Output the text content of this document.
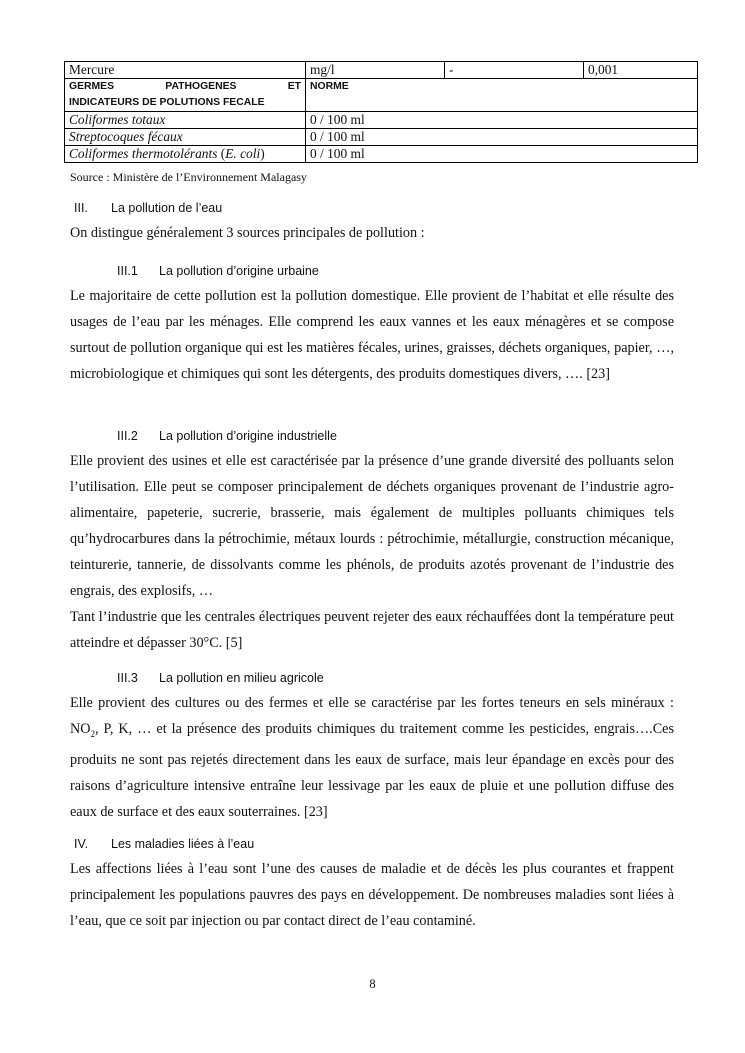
Mercure	mg/l	-	0,001

GERMES PATHOGENES ET
INDICATEURS DE POLUTIONS FECALE	NORME		
Coliformes totaux	0 / 100 ml		
Streptocoques fécaux	0 / 100 ml		
Coliformes thermotolérants (E. coli)	0 / 100 ml		
Source : Ministère de l’Environnement Malagasy
III. La pollution de l’eau
On distingue généralement 3 sources principales de pollution :
III.1 La pollution d’origine urbaine
Le majoritaire de cette pollution est la pollution domestique. Elle provient de l’habitat et elle résulte des usages de l’eau par les ménages. Elle comprend les eaux vannes et les eaux ménagères et se compose surtout de pollution organique qui est les matières fécales, urines, graisses, déchets organiques, papier, …, microbiologique et chimiques qui sont les détergents, des produits domestiques divers, …. [23]
III.2 La pollution d’origine industrielle
Elle provient des usines et elle est caractérisée par la présence d’une grande diversité des polluants selon l’utilisation. Elle peut se composer principalement de déchets organiques provenant de l’industrie agro-alimentaire, papeterie, sucrerie, brasserie, mais également de multiples polluants chimiques tels qu’hydrocarbures dans la pétrochimie, métaux lourds : pétrochimie, métallurgie, construction mécanique, teinturerie, tannerie, de dissolvants comme les phénols, de produits azotés provenant de l’industrie des engrais, des explosifs, …
Tant l’industrie que les centrales électriques peuvent rejeter des eaux réchauffées dont la température peut atteindre et dépasser 30°C. [5]
III.3 La pollution en milieu agricole
Elle provient des cultures ou des fermes et elle se caractérise par les fortes teneurs en sels minéraux : $NO_2$, P, K, … et la présence des produits chimiques du traitement comme les pesticides, engrais….Ces produits ne sont pas rejetés directement dans les eaux de surface, mais leur épandage en excès pour des raisons d’agriculture intensive entraîne leur lessivage par les eaux de pluie et une pollution diffuse des eaux de surface et des eaux souterraines. [23]
IV. Les maladies liées à l’eau
Les affections liées à l’eau sont l’une des causes de maladie et de décès les plus courantes et frappent principalement les populations pauvres des pays en développement. De nombreuses maladies sont liées à l’eau, que ce soit par injection ou par contact direct de l’eau contaminé.
8
